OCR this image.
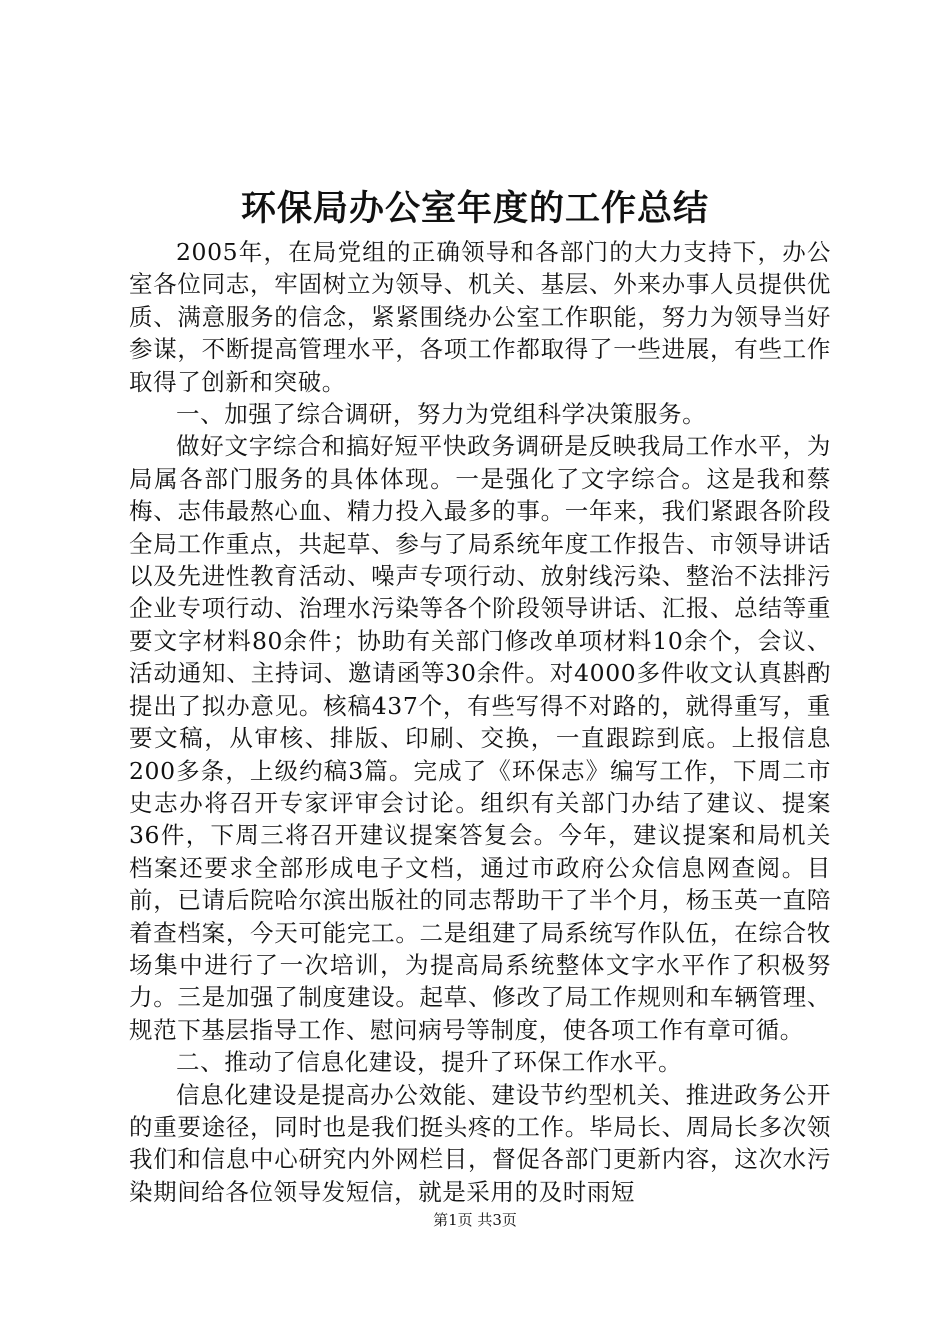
环保局办公室年度的工作总结

2005年，在局党组的正确领导和各部门的大力支持下，办公室各位同志，牢固树立为领导、机关、基层、外来办事人员提供优质、满意服务的信念，紧紧围绕办公室工作职能，努力为领导当好参谋，不断提高管理水平，各项工作都取得了一些进展，有些工作取得了创新和突破。

一、加强了综合调研，努力为党组科学决策服务。

做好文字综合和搞好短平快政务调研是反映我局工作水平，为局属各部门服务的具体体现。一是强化了文字综合。这是我和蔡梅、志伟最熬心血、精力投入最多的事。一年来，我们紧跟各阶段全局工作重点，共起草、参与了局系统年度工作报告、市领导讲话以及先进性教育活动、噪声专项行动、放射线污染、整治不法排污企业专项行动、治理水污染等各个阶段领导讲话、汇报、总结等重要文字材料80余件；协助有关部门修改单项材料10余个，会议、活动通知、主持词、邀请函等30余件。对4000多件收文认真斟酌提出了拟办意见。核稿437个，有些写得不对路的，就得重写，重要文稿，从审核、排版、印刷、交换，一直跟踪到底。上报信息200多条，上级约稿3篇。完成了《环保志》编写工作，下周二市史志办将召开专家评审会讨论。组织有关部门办结了建议、提案36件，下周三将召开建议提案答复会。今年，建议提案和局机关档案还要求全部形成电子文档，通过市政府公众信息网查阅。目前，已请后院哈尔滨出版社的同志帮助干了半个月，杨玉英一直陪着查档案，今天可能完工。二是组建了局系统写作队伍，在综合牧场集中进行了一次培训，为提高局系统整体文字水平作了积极努力。三是加强了制度建设。起草、修改了局工作规则和车辆管理、规范下基层指导工作、慰问病号等制度，使各项工作有章可循。

二、推动了信息化建设，提升了环保工作水平。

信息化建设是提高办公效能、建设节约型机关、推进政务公开的重要途径，同时也是我们挺头疼的工作。毕局长、周局长多次领我们和信息中心研究内外网栏目，督促各部门更新内容，这次水污染期间给各位领导发短信，就是采用的及时雨短

第1页 共3页
